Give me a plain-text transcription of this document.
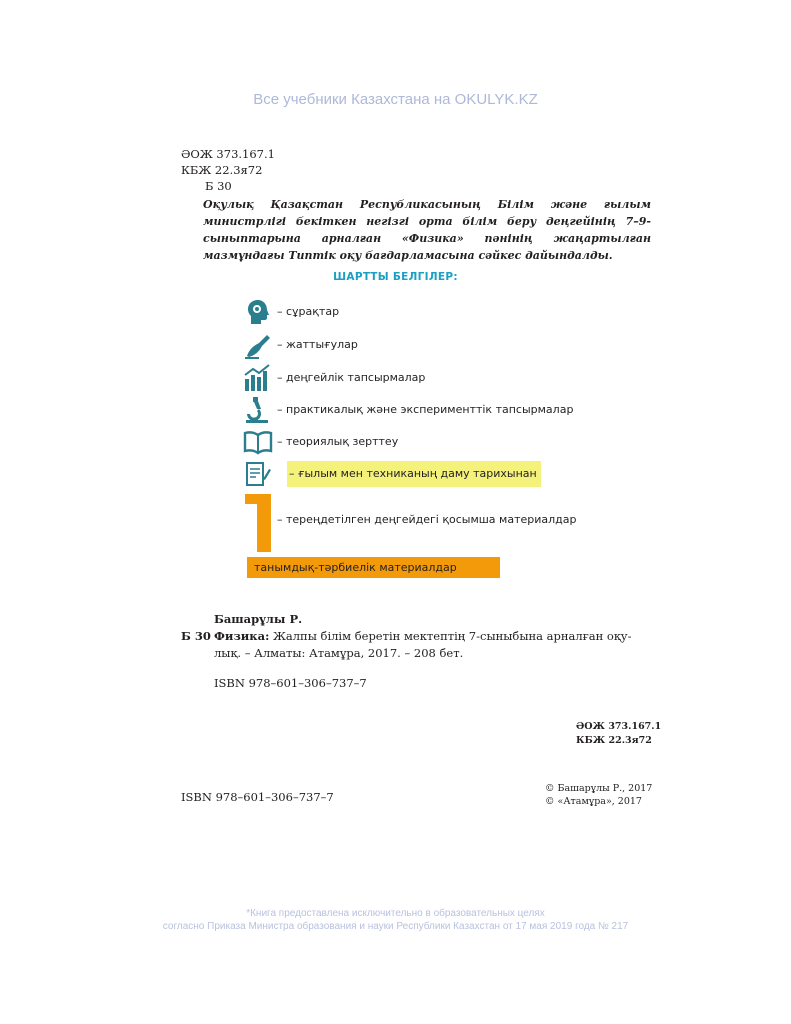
Все учебники Казахстана на OKULYK.KZ
ӘОЖ 373.167.1
КБЖ 22.3я72
Б 30
Оқулық Қазақстан Республикасының Білім және ғылым министрлігі бекіткен негізгі орта білім беру деңгейінің 7–9-сыныптарына арналған «Физика» пәнінің жаңартылған мазмұндағы Типтік оқу бағдарламасына сәйкес дайындалды.
ШАРТТЫ БЕЛГІЛЕР:
– сұрақтар
– жаттығулар
– деңгейлік тапсырмалар
– практикалық және эксперименттік тапсырмалар
– теориялық зерттеу
– ғылым мен техниканың даму тарихынан
– тереңдетілген деңгейдегі қосымша материалдар
танымдық-тәрбиелік материалдар
Башарұлы Р.
Б 30 Физика: Жалпы білім беретін мектептің 7-сыныбына арналған оқу-
лық. – Алматы: Атамұра, 2017. – 208 бет.
ISBN 978–601–306–737–7
ӘОЖ 373.167.1
КБЖ 22.3я72
ISBN 978–601–306–737–7
© Башарұлы Р., 2017
© «Атамұра», 2017
*Книга предоставлена исключительно в образовательных целях
согласно Приказа Министра образования и науки Республики Казахстан от 17 мая 2019 года № 217
